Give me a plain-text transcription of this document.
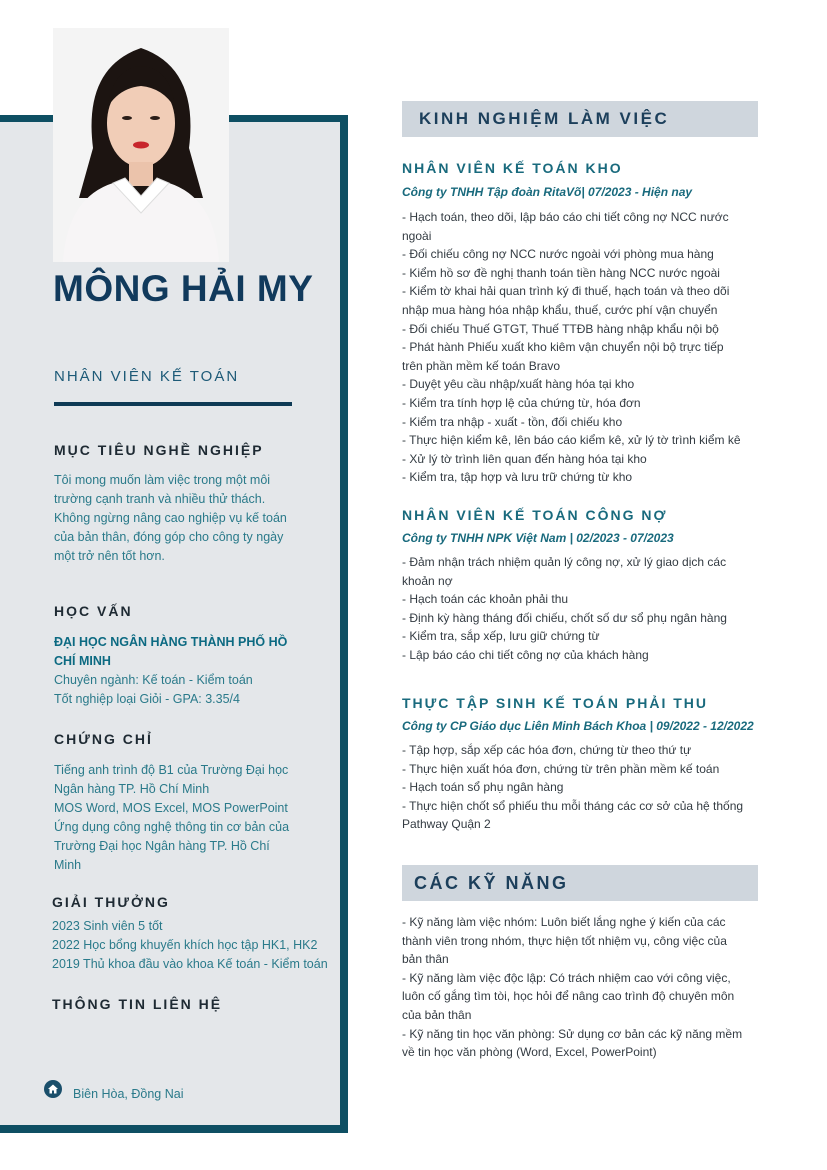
MÔNG HẢI MY
NHÂN VIÊN KẾ TOÁN
MỤC TIÊU NGHỀ NGHIỆP
Tôi mong muốn làm việc trong một môi
trường cạnh tranh và nhiều thử thách.
Không ngừng nâng cao nghiệp vụ kế toán
của bản thân, đóng góp cho công ty ngày
một trở nên tốt hơn.
HỌC VẤN
ĐẠI HỌC NGÂN HÀNG THÀNH PHỐ HỒ
CHÍ MINH
Chuyên ngành: Kế toán - Kiểm toán
Tốt nghiệp loại Giỏi - GPA: 3.35/4
CHỨNG CHỈ
Tiếng anh trình độ B1 của Trường Đại học
Ngân hàng TP. Hồ Chí Minh
MOS Word, MOS Excel, MOS PowerPoint
Ứng dụng công nghệ thông tin cơ bản của
Trường Đại học Ngân hàng TP. Hồ Chí
Minh
GIẢI THƯỞNG
2023 Sinh viên 5 tốt
2022 Học bổng khuyến khích học tập HK1, HK2
2019 Thủ khoa đầu vào khoa Kế toán - Kiểm toán
THÔNG TIN LIÊN HỆ
Biên Hòa, Đồng Nai
KINH NGHIỆM LÀM VIỆC
NHÂN VIÊN KẾ TOÁN KHO
Công ty TNHH Tập đoàn RitaVõ| 07/2023 - Hiện nay
- Hạch toán, theo dõi, lập báo cáo chi tiết công nợ NCC nước
ngoài
- Đối chiếu công nợ NCC nước ngoài với phòng mua hàng
- Kiểm hồ sơ đề nghị thanh toán tiền hàng NCC nước ngoài
- Kiểm tờ khai hải quan trình ký đi thuế, hạch toán và theo dõi
nhập mua hàng hóa nhập khẩu, thuế, cước phí vận chuyển
- Đối chiếu Thuế GTGT, Thuế TTĐB hàng nhập khẩu nội bộ
- Phát hành Phiếu xuất kho kiêm vận chuyển nội bộ trực tiếp
trên phần mềm kế toán Bravo
- Duyệt yêu cầu nhập/xuất hàng hóa tại kho
- Kiểm tra tính hợp lệ của chứng từ, hóa đơn
- Kiểm tra nhập - xuất - tồn, đối chiếu kho
- Thực hiện kiểm kê, lên báo cáo kiểm kê, xử lý tờ trình kiểm kê
- Xử lý tờ trình liên quan đến hàng hóa tại kho
- Kiểm tra, tập hợp và lưu trữ chứng từ kho
NHÂN VIÊN KẾ TOÁN CÔNG NỢ
Công ty TNHH NPK Việt Nam | 02/2023 - 07/2023
- Đảm nhận trách nhiệm quản lý công nợ, xử lý giao dịch các
khoản nợ
- Hạch toán các khoản phải thu
- Định kỳ hàng tháng đối chiếu, chốt số dư sổ phụ ngân hàng
- Kiểm tra, sắp xếp, lưu giữ chứng từ
- Lập báo cáo chi tiết công nợ của khách hàng
THỰC TẬP SINH KẾ TOÁN PHẢI THU
Công ty CP Giáo dục Liên Minh Bách Khoa | 09/2022 - 12/2022
- Tập hợp, sắp xếp các hóa đơn, chứng từ theo thứ tự
- Thực hiện xuất hóa đơn, chứng từ trên phần mềm kế toán
- Hạch toán sổ phụ ngân hàng
- Thực hiện chốt sổ phiếu thu mỗi tháng các cơ sở của hệ thống
Pathway Quận 2
CÁC KỸ NĂNG
- Kỹ năng làm việc nhóm: Luôn biết lắng nghe ý kiến của các
thành viên trong nhóm, thực hiện tốt nhiệm vụ, công việc của
bản thân
- Kỹ năng làm việc độc lập: Có trách nhiệm cao với công việc,
luôn cố gắng tìm tòi, học hỏi để nâng cao trình độ chuyên môn
của bản thân
- Kỹ năng tin học văn phòng: Sử dụng cơ bản các kỹ năng mềm
về tin học văn phòng (Word, Excel, PowerPoint)
